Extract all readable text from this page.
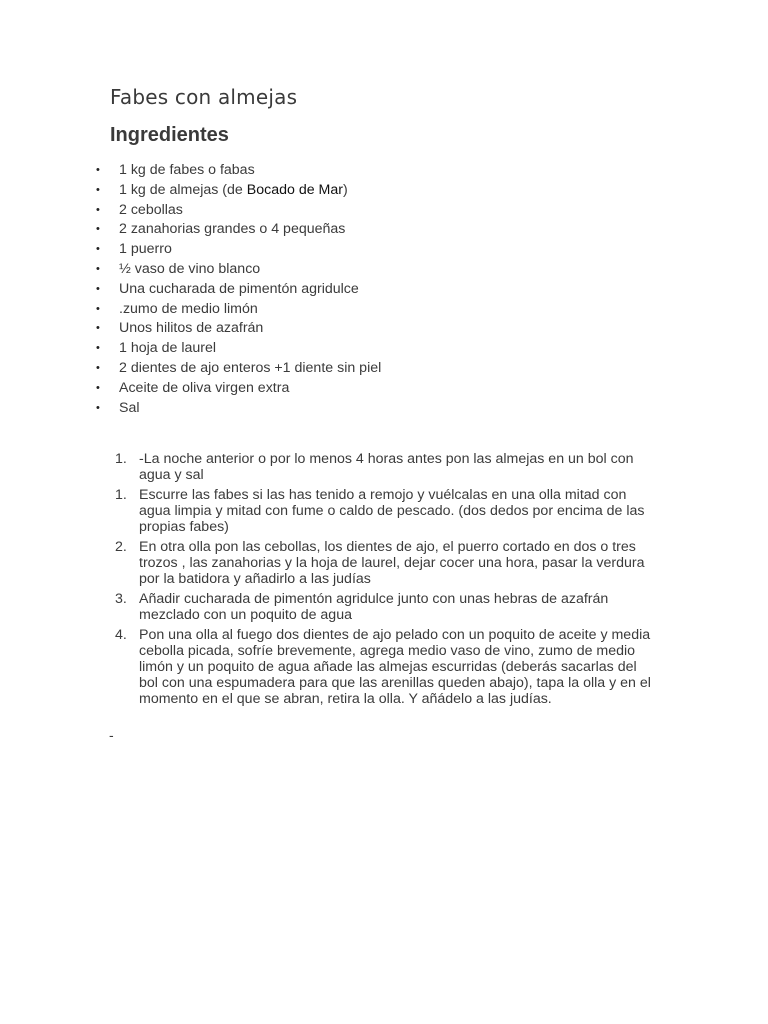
Fabes con almejas
Ingredientes
• 1 kg de fabes o fabas
• 1 kg de almejas (de Bocado de Mar)
• 2 cebollas
• 2 zanahorias grandes o 4 pequeñas
• 1 puerro
• ½ vaso de vino blanco
• Una cucharada de pimentón agridulce
• .zumo de medio limón
• Unos hilitos de azafrán
• 1 hoja de laurel
• 2 dientes de ajo enteros +1 diente sin piel
• Aceite de oliva virgen extra
• Sal
1. -La noche anterior o por lo menos 4 horas antes pon las almejas en un bol con agua y sal
1. Escurre las fabes si las has tenido a remojo y vuélcalas en una olla mitad con agua limpia y mitad con fume o caldo de pescado. (dos dedos por encima de las propias fabes)
2. En otra olla pon las cebollas, los dientes de ajo, el puerro cortado en dos o tres trozos , las zanahorias y la hoja de laurel, dejar cocer una hora, pasar la verdura por la batidora y añadirlo a las judías
3. Añadir cucharada de pimentón agridulce junto con unas hebras de azafrán mezclado con un poquito de agua
4. Pon una olla al fuego dos dientes de ajo pelado con un poquito de aceite y media cebolla picada, sofríe brevemente, agrega medio vaso de vino, zumo de medio limón y un poquito de agua añade las almejas escurridas (deberás sacarlas del bol con una espumadera para que las arenillas queden abajo), tapa la olla y en el momento en el que se abran, retira la olla. Y añádelo a las judías.
-
